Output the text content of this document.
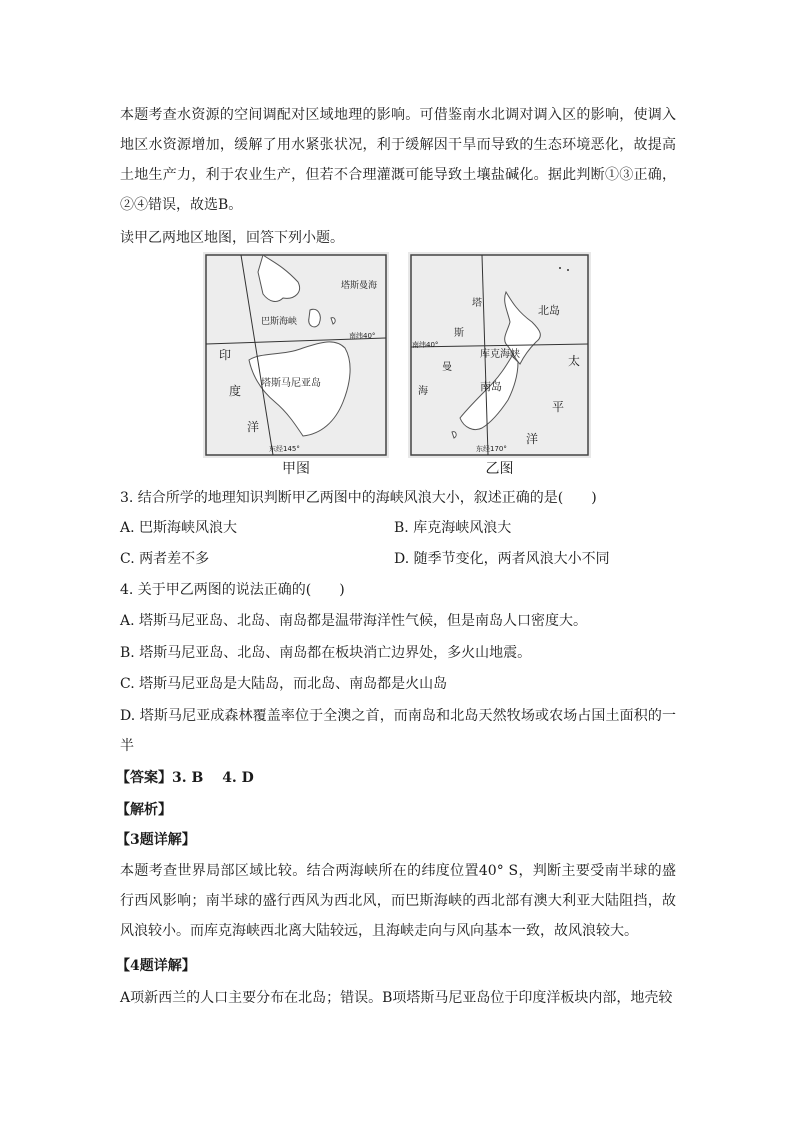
本题考查水资源的空间调配对区域地理的影响。可借鉴南水北调对调入区的影响，使调入地区水资源增加，缓解了用水紧张状况，利于缓解因干旱而导致的生态环境恶化，故提高土地生产力，利于农业生产，但若不合理灌溉可能导致土壤盐碱化。据此判断①③正确，②④错误，故选B。

读甲乙两地区地图，回答下列小题。

塔斯曼海
巴斯海峡
南纬40°
印
度
洋
塔斯马尼亚岛
东经145°
甲图
北岛
塔
斯
南纬40°
库克海峡	太
曼
海	南岛
平
洋
东经170°
乙图

3. 结合所学的地理知识判断甲乙两图中的海峡风浪大小，叙述正确的是(　　)

A. 巴斯海峡风浪大	B. 库克海峡风浪大

C. 两者差不多	D. 随季节变化，两者风浪大小不同

4. 关于甲乙两图的说法正确的(　　)

A. 塔斯马尼亚岛、北岛、南岛都是温带海洋性气候，但是南岛人口密度大。

B. 塔斯马尼亚岛、北岛、南岛都在板块消亡边界处，多火山地震。

C. 塔斯马尼亚岛是大陆岛，而北岛、南岛都是火山岛

D. 塔斯马尼亚成森林覆盖率位于全澳之首，而南岛和北岛天然牧场或农场占国土面积的一半

【答案】3. B　 4. D

【解析】

【3题详解】

本题考查世界局部区域比较。结合两海峡所在的纬度位置40° S，判断主要受南半球的盛行西风影响；南半球的盛行西风为西北风，而巴斯海峡的西北部有澳大利亚大陆阻挡，故风浪较小。而库克海峡西北离大陆较远，且海峡走向与风向基本一致，故风浪较大。

【4题详解】

A项新西兰的人口主要分布在北岛；错误。B项塔斯马尼亚岛位于印度洋板块内部，地壳较
